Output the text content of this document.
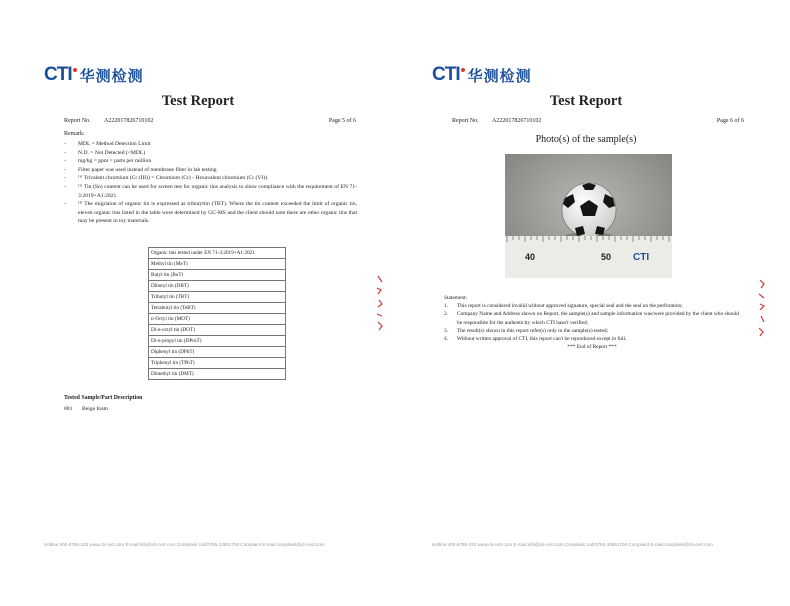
CTI 华测检测
Test Report
Report No.	A222017826710102	Page 5 of 6
Remark:
-	MDL = Method Detection Limit
-	N.D. = Not Detected (<MDL)
-	mg/kg = ppm = parts per million
-	Filter paper was used instead of membrane filter in lab testing
-	⁽¹⁾ Trivalent chromium (Cr (III)) = Chromium (Cr) - Hexavalent chromium (Cr (VI)).
-	⁽²⁾ Tin (Sn) content can be used for screen test for organic tins analysis to show compliance with the requirement of EN 71-3:2019+A1:2021.
-	⁽³⁾ The migration of organic tin is expressed as tributyltin (TBT). Where the tin content exceeded the limit of organic tin, eleven organic tins listed in the table were determined by GC-MS and the client should note there are other organic tins that may be present in toy materials.
Organic tins tested under EN 71-3:2019+A1:2021
Methyl tin (MeT)
Butyl tin (BuT)
Dibutyl tin (DBT)
Tributyl tin (TBT)
Tetrabutyl tin (TeBT)
n-Octyl tin (MOT)
Di-n-octyl tin (DOT)
Di-n-propyl tin (DProT)
Diphenyl tin (DPhT)
Triphenyl tin (TPhT)
Dimethyl tin (DMT)
Tested Sample/Part Description
001	Beige foam
Hotline:400-6788-333 www.cti-cert.com E-mail:info@cti-cert.com Complaint call:0755-33681700 Complaint E-mail:complaint@cti-cert.com
CTI 华测检测
Test Report
Report No.	A222017826710102	Page 6 of 6
Photo(s) of the sample(s)
40	50 CTI
Statement:
1.	This report is considered invalid without approved signature, special seal and the seal on the perforation;
2.	Company Name and Address shown on Report, the sample(s) and sample information was/were provided by the client who should be responsible for the authenticity which CTI hasn't verified;
3.	The result(s) shown in this report refer(s) only to the sample(s) tested;
4.	Without written approval of CTI, this report can't be reproduced except in full.
*** End of Report ***
Hotline:400-6788-333 www.cti-cert.com E-mail:info@cti-cert.com Complaint call:0755-33681700 Complaint E-mail:complaint@cti-cert.com
